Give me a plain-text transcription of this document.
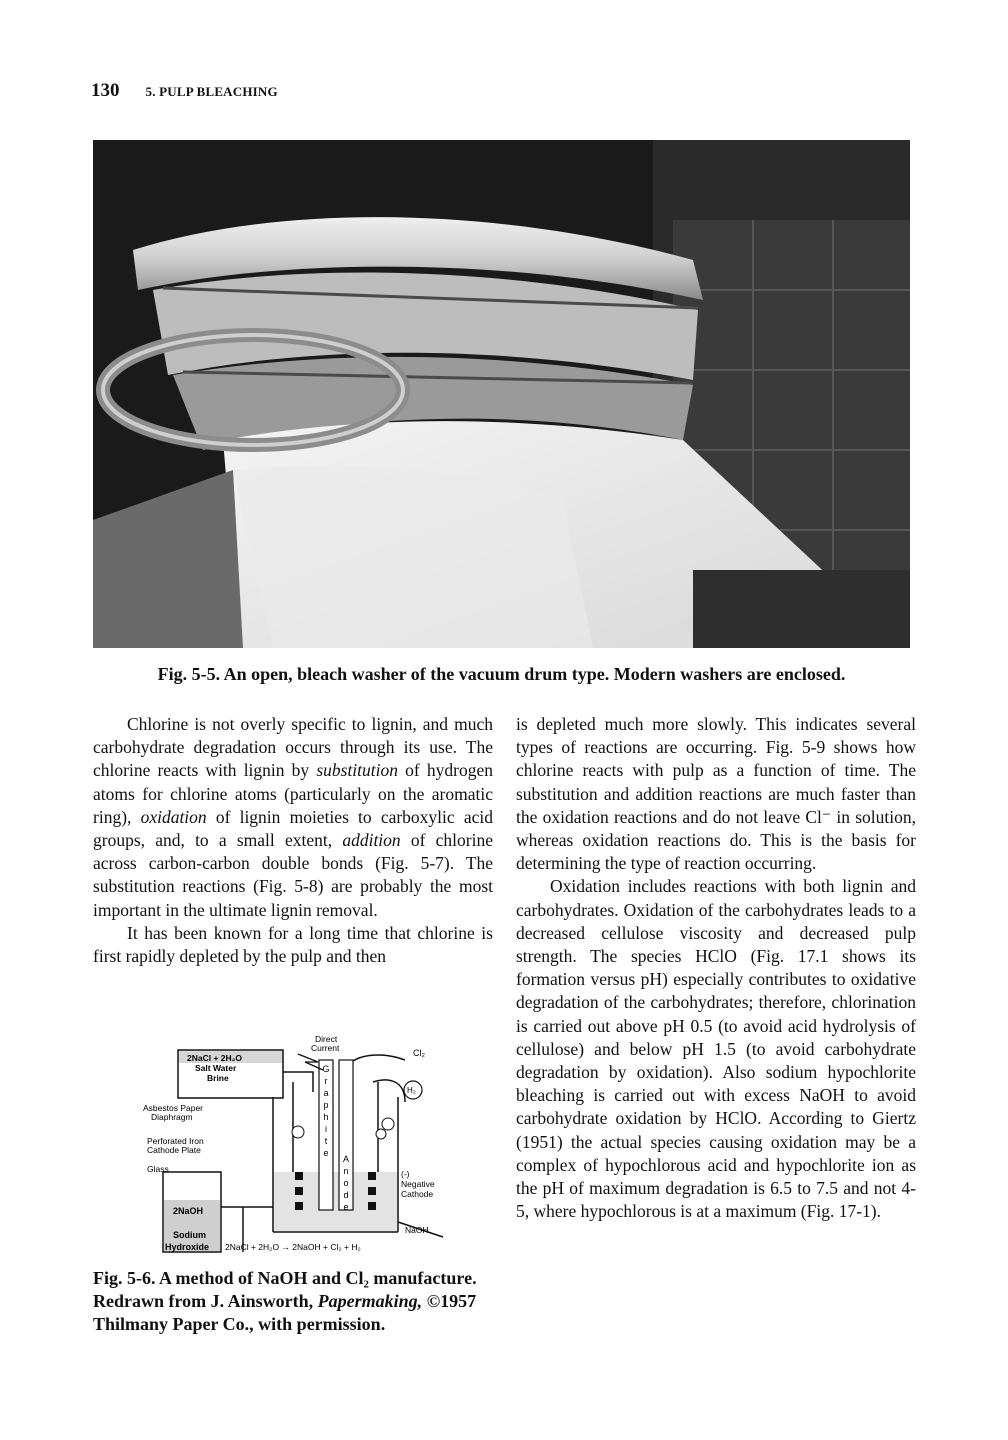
130 5. PULP BLEACHING
Fig. 5-5. An open, bleach washer of the vacuum drum type. Modern washers are enclosed.

Chlorine is not overly specific to lignin, and much carbohydrate degradation occurs through its use. The chlorine reacts with lignin by substitution of hydrogen atoms for chlorine atoms (particularly on the aromatic ring), oxidation of lignin moieties to carboxylic acid groups, and, to a small extent, addition of chlorine across carbon-carbon double bonds (Fig. 5-7). The substitution reactions (Fig. 5-8) are probably the most important in the ultimate lignin removal.

It has been known for a long time that chlorine is first rapidly depleted by the pulp and then

is depleted much more slowly. This indicates several types of reactions are occurring. Fig. 5-9 shows how chlorine reacts with pulp as a function of time. The substitution and addition reactions are much faster than the oxidation reactions and do not leave Cl⁻ in solution, whereas oxidation reactions do. This is the basis for determining the type of reaction occurring.

Oxidation includes reactions with both lignin and carbohydrates. Oxidation of the carbohydrates leads to a decreased cellulose viscosity and decreased pulp strength. The species HClO (Fig. 17.1 shows its formation versus pH) especially contributes to oxidative degradation of the carbohydrates; therefore, chlorination is carried out above pH 0.5 (to avoid acid hydrolysis of cellulose) and below pH 1.5 (to avoid carbohydrate degradation by oxidation). Also sodium hypochlorite bleaching is carried out with excess NaOH to avoid carbohydrate oxidation by HClO. According to Giertz (1951) the actual species causing oxidation may be a complex of hypochlorous acid and hypochlorite ion as the pH of maximum degradation is 6.5 to 7.5 and not 4-5, where hypochlorous is at a maximum (Fig. 17-1).

Direct
Current	Cl₂
2NaCl + 2H₂O
Salt Water
Brine
Asbestos Paper
Diaphragm
Perforated Iron
Cathode Plate
Glass
H₂
(-)
Negative
Cathode
NaOH
2NaOH
Sodium
Hydroxide 2NaCl + 2H₂O → 2NaOH + Cl₂ + H₂
G
r
a
p
h
i
t
e
A
n
o
d
e
Fig. 5-6. A method of NaOH and Cl₂ manufacture. Redrawn from J. Ainsworth, Papermaking, ©1957 Thilmany Paper Co., with permission.
